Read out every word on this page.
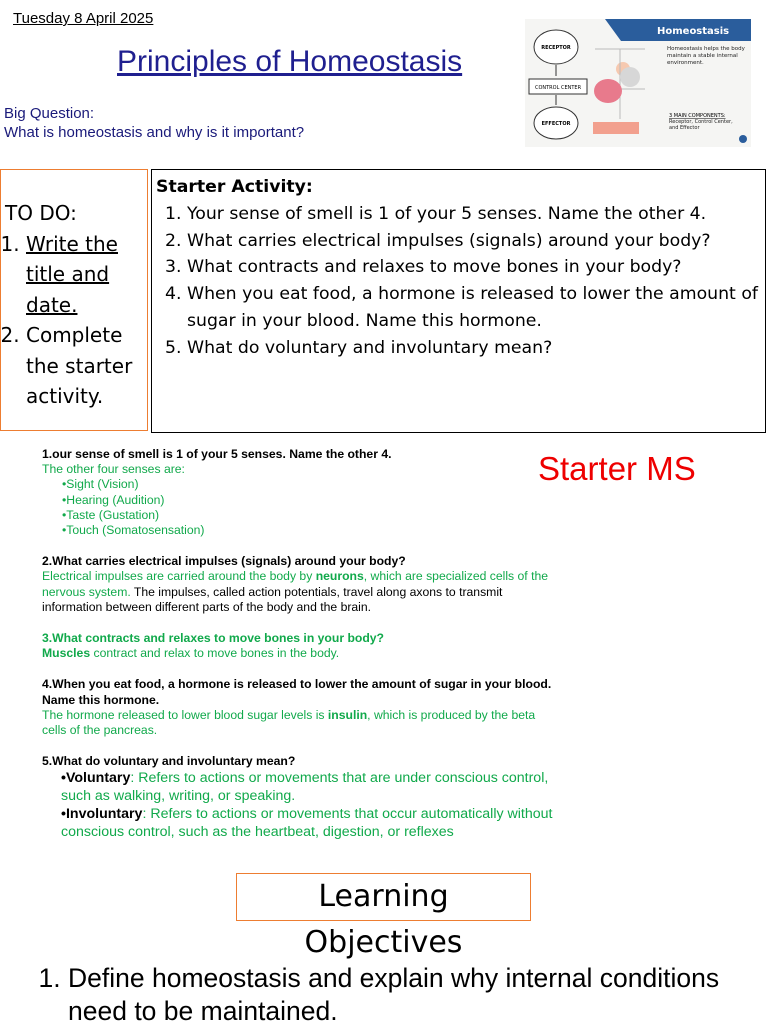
Tuesday 8 April 2025
Principles of Homeostasis
Big Question:
What is homeostasis and why is it important?
Homeostasis
RECEPTOR
CONTROL CENTER
EFFECTOR
Homeostasis helps the body maintain a stable internal environment.
3 MAIN COMPONENTS:
Receptor, Control Center, and Effector
TO DO:
1. Write the title and date.
2. Complete the starter activity.
Starter Activity:
1. Your sense of smell is 1 of your 5 senses. Name the other 4.
2. What carries electrical impulses (signals) around your body?
3. What contracts and relaxes to move bones in your body?
4. When you eat food, a hormone is released to lower the amount of sugar in your blood. Name this hormone.
5. What do voluntary and involuntary mean?
Starter MS

1.our sense of smell is 1 of your 5 senses. Name the other 4.

The other four senses are:

•Sight (Vision)

•Hearing (Audition)

•Taste (Gustation)

•Touch (Somatosensation)

2.What carries electrical impulses (signals) around your body?

Electrical impulses are carried around the body by neurons, which are specialized cells of the nervous system. The impulses, called action potentials, travel along axons to transmit information between different parts of the body and the brain.

3.What contracts and relaxes to move bones in your body?

Muscles contract and relax to move bones in the body.

4.When you eat food, a hormone is released to lower the amount of sugar in your blood. Name this hormone.

The hormone released to lower blood sugar levels is insulin, which is produced by the beta cells of the pancreas.

5.What do voluntary and involuntary mean?

•Voluntary: Refers to actions or movements that are under conscious control, such as walking, writing, or speaking.

•Involuntary: Refers to actions or movements that occur automatically without conscious control, such as the heartbeat, digestion, or reflexes

Learning Objectives
1. Define homeostasis and explain why internal conditions need to be maintained.
